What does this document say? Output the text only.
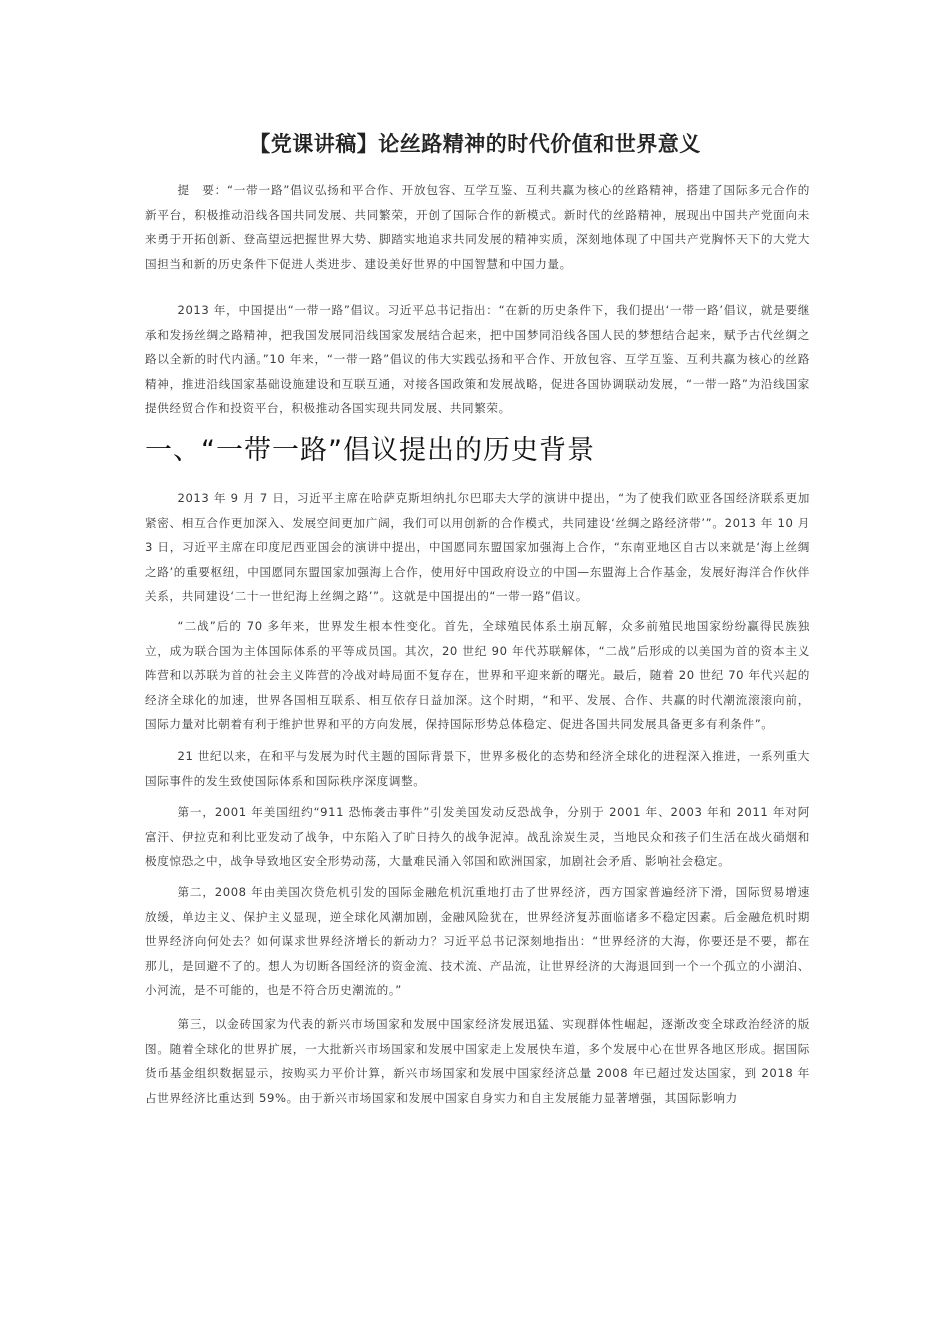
【党课讲稿】论丝路精神的时代价值和世界意义

提　要：“一带一路”倡议弘扬和平合作、开放包容、互学互鉴、互利共赢为核心的丝路精神，搭建了国际多元合作的新平台，积极推动沿线各国共同发展、共同繁荣，开创了国际合作的新模式。新时代的丝路精神，展现出中国共产党面向未来勇于开拓创新、登高望远把握世界大势、脚踏实地追求共同发展的精神实质，深刻地体现了中国共产党胸怀天下的大党大国担当和新的历史条件下促进人类进步、建设美好世界的中国智慧和中国力量。

2013 年，中国提出“一带一路”倡议。习近平总书记指出：“在新的历史条件下，我们提出‘一带一路’倡议，就是要继承和发扬丝绸之路精神，把我国发展同沿线国家发展结合起来，把中国梦同沿线各国人民的梦想结合起来，赋予古代丝绸之路以全新的时代内涵。”10 年来，“一带一路”倡议的伟大实践弘扬和平合作、开放包容、互学互鉴、互利共赢为核心的丝路精神，推进沿线国家基础设施建设和互联互通，对接各国政策和发展战略，促进各国协调联动发展，“一带一路”为沿线国家提供经贸合作和投资平台，积极推动各国实现共同发展、共同繁荣。

一、“一带一路”倡议提出的历史背景

2013 年 9 月 7 日，习近平主席在哈萨克斯坦纳扎尔巴耶夫大学的演讲中提出，“为了使我们欧亚各国经济联系更加紧密、相互合作更加深入、发展空间更加广阔，我们可以用创新的合作模式，共同建设‘丝绸之路经济带’”。2013 年 10 月 3 日，习近平主席在印度尼西亚国会的演讲中提出，中国愿同东盟国家加强海上合作，“东南亚地区自古以来就是‘海上丝绸之路’的重要枢纽，中国愿同东盟国家加强海上合作，使用好中国政府设立的中国—东盟海上合作基金，发展好海洋合作伙伴关系，共同建设‘二十一世纪海上丝绸之路’”。这就是中国提出的“一带一路”倡议。

“二战”后的 70 多年来，世界发生根本性变化。首先，全球殖民体系土崩瓦解，众多前殖民地国家纷纷赢得民族独立，成为联合国为主体国际体系的平等成员国。其次，20 世纪 90 年代苏联解体，“二战”后形成的以美国为首的资本主义阵营和以苏联为首的社会主义阵营的冷战对峙局面不复存在，世界和平迎来新的曙光。最后，随着 20 世纪 70 年代兴起的经济全球化的加速，世界各国相互联系、相互依存日益加深。这个时期，“和平、发展、合作、共赢的时代潮流滚滚向前，国际力量对比朝着有利于维护世界和平的方向发展，保持国际形势总体稳定、促进各国共同发展具备更多有利条件”。

21 世纪以来，在和平与发展为时代主题的国际背景下，世界多极化的态势和经济全球化的进程深入推进，一系列重大国际事件的发生致使国际体系和国际秩序深度调整。

第一，2001 年美国纽约“911 恐怖袭击事件”引发美国发动反恐战争，分别于 2001 年、2003 年和 2011 年对阿富汗、伊拉克和利比亚发动了战争，中东陷入了旷日持久的战争泥淖。战乱涂炭生灵，当地民众和孩子们生活在战火硝烟和极度惊恐之中，战争导致地区安全形势动荡，大量难民涌入邻国和欧洲国家，加剧社会矛盾、影响社会稳定。

第二，2008 年由美国次贷危机引发的国际金融危机沉重地打击了世界经济，西方国家普遍经济下滑，国际贸易增速放缓，单边主义、保护主义显现，逆全球化风潮加剧，金融风险犹在，世界经济复苏面临诸多不稳定因素。后金融危机时期世界经济向何处去？如何谋求世界经济增长的新动力？习近平总书记深刻地指出：“世界经济的大海，你要还是不要，都在那儿，是回避不了的。想人为切断各国经济的资金流、技术流、产品流，让世界经济的大海退回到一个一个孤立的小湖泊、小河流，是不可能的，也是不符合历史潮流的。”

第三，以金砖国家为代表的新兴市场国家和发展中国家经济发展迅猛、实现群体性崛起，逐渐改变全球政治经济的版图。随着全球化的世界扩展，一大批新兴市场国家和发展中国家走上发展快车道，多个发展中心在世界各地区形成。据国际货币基金组织数据显示，按购买力平价计算，新兴市场国家和发展中国家经济总量 2008 年已超过发达国家，到 2018 年占世界经济比重达到 59%。由于新兴市场国家和发展中国家自身实力和自主发展能力显著增强，其国际影响力
